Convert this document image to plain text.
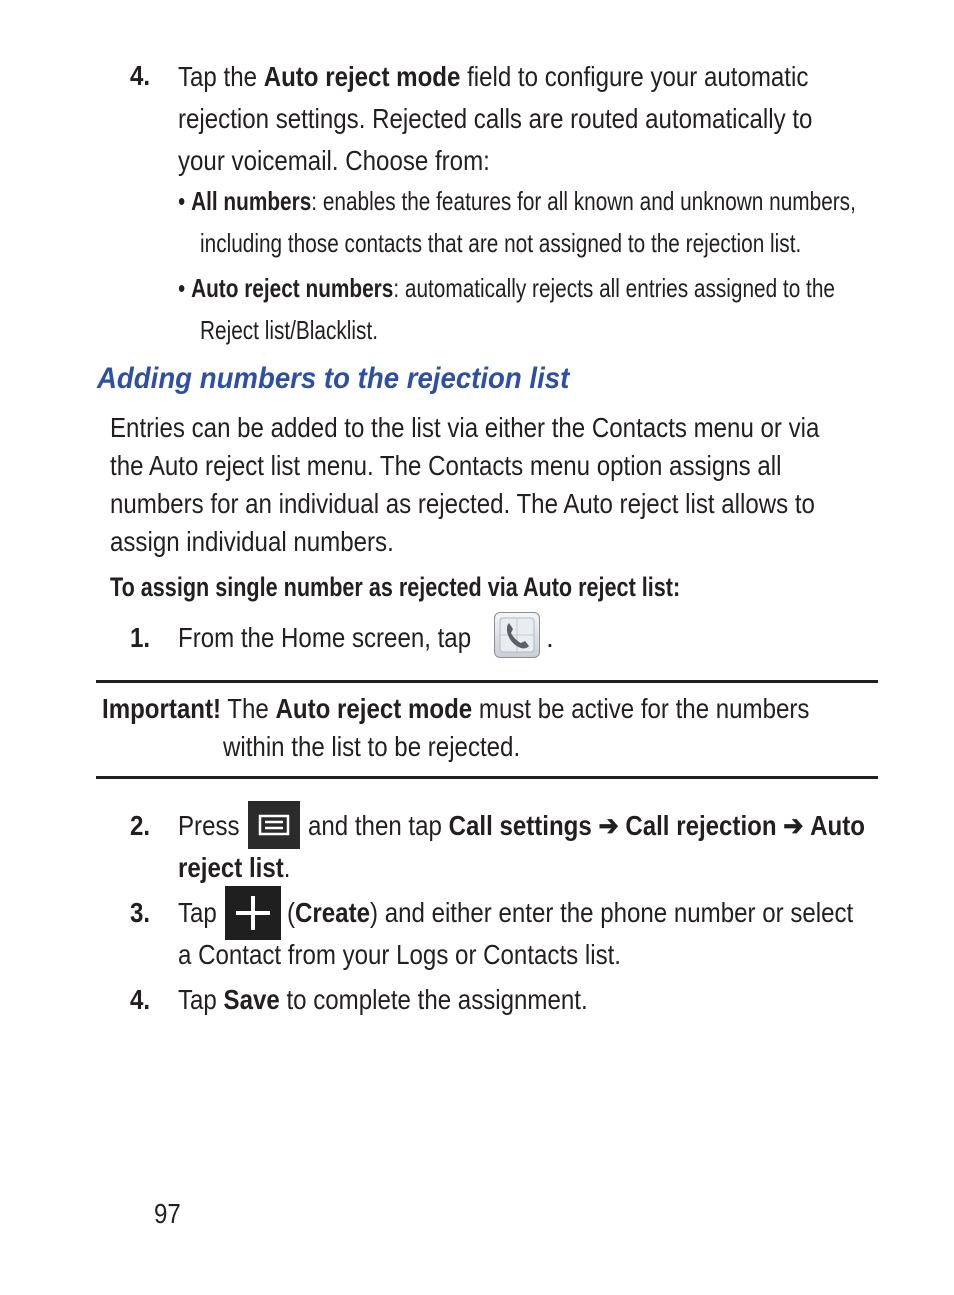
4. Tap the Auto reject mode field to configure your automatic
rejection settings. Rejected calls are routed automatically to
your voicemail. Choose from:
• All numbers: enables the features for all known and unknown numbers,
including those contacts that are not assigned to the rejection list.
• Auto reject numbers: automatically rejects all entries assigned to the
Reject list/Blacklist.
Adding numbers to the rejection list
Entries can be added to the list via either the Contacts menu or via
the Auto reject list menu. The Contacts menu option assigns all
numbers for an individual as rejected. The Auto reject list allows to
assign individual numbers.
To assign single number as rejected via Auto reject list:
1. From the Home screen, tap	.
Important! The Auto reject mode must be active for the numbers
within the list to be rejected.
2. Press	and then tap Call settings ➔ Call rejection ➔ Auto
reject list.
3. Tap	(Create) and either enter the phone number or select
a Contact from your Logs or Contacts list.
4. Tap Save to complete the assignment.
97
